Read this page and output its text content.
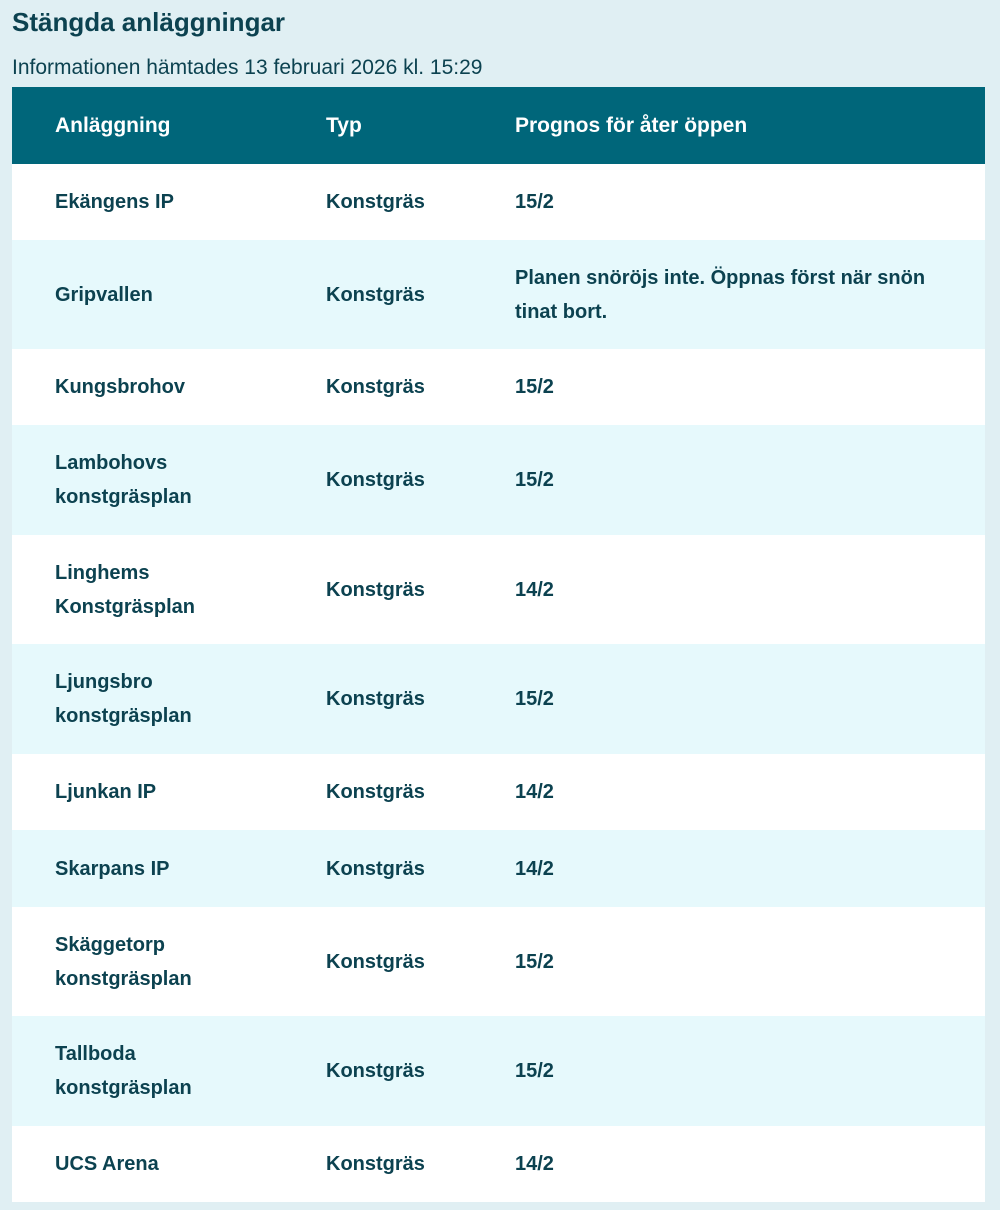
Stängda anläggningar

Informationen hämtades 13 februari 2026 kl. 15:29

Anläggning	Typ	Prognos för åter öppen
Ekängens IP	Konstgräs	15/2
Gripvallen	Konstgräs	Planen snöröjs inte. Öppnas först när snön tinat bort.
Kungsbrohov	Konstgräs	15/2
Lambohovs konstgräsplan	Konstgräs	15/2
Linghems Konstgräsplan	Konstgräs	14/2
Ljungsbro konstgräsplan	Konstgräs	15/2
Ljunkan IP	Konstgräs	14/2
Skarpans IP	Konstgräs	14/2
Skäggetorp konstgräsplan	Konstgräs	15/2
Tallboda konstgräsplan	Konstgräs	15/2
UCS Arena	Konstgräs	14/2
